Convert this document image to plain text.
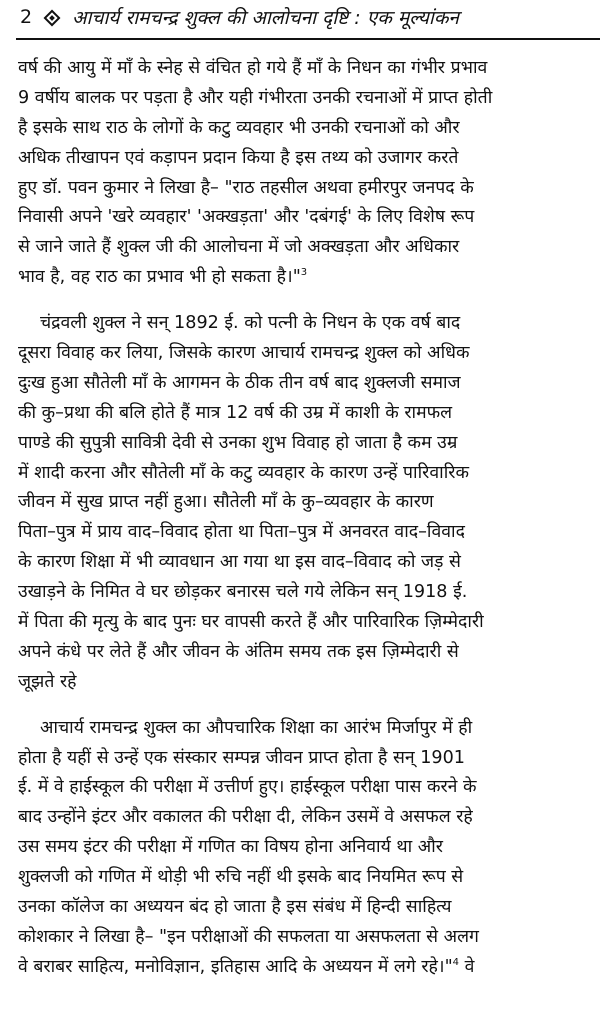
2 आचार्य रामचन्द्र शुक्ल की आलोचना दृष्टि : एक मूल्यांकन
वर्ष की आयु में माँ के स्नेह से वंचित हो गये हैं माँ के निधन का गंभीर प्रभाव
9 वर्षीय बालक पर पड़ता है और यही गंभीरता उनकी रचनाओं में प्राप्त होती
है इसके साथ राठ के लोगों के कटु व्यवहार भी उनकी रचनाओं को और
अधिक तीखापन एवं कड़ापन प्रदान किया है इस तथ्य को उजागर करते
हुए डॉ. पवन कुमार ने लिखा है– "राठ तहसील अथवा हमीरपुर जनपद के
निवासी अपने 'खरे व्यवहार' 'अक्खड़ता' और 'दबंगई' के लिए विशेष रूप
से जाने जाते हैं शुक्ल जी की आलोचना में जो अक्खड़ता और अधिकार
भाव है, वह राठ का प्रभाव भी हो सकता है।"$^3$
चंद्रवली शुक्ल ने सन् 1892 ई. को पत्नी के निधन के एक वर्ष बाद
दूसरा विवाह कर लिया, जिसके कारण आचार्य रामचन्द्र शुक्ल को अधिक
दुःख हुआ सौतेली माँ के आगमन के ठीक तीन वर्ष बाद शुक्लजी समाज
की कु–प्रथा की बलि होते हैं मात्र 12 वर्ष की उम्र में काशी के रामफल
पाण्डे की सुपुत्री सावित्री देवी से उनका शुभ विवाह हो जाता है कम उम्र
में शादी करना और सौतेली माँ के कटु व्यवहार के कारण उन्हें पारिवारिक
जीवन में सुख प्राप्त नहीं हुआ। सौतेली माँ के कु–व्यवहार के कारण
पिता–पुत्र में प्राय वाद–विवाद होता था पिता–पुत्र में अनवरत वाद–विवाद
के कारण शिक्षा में भी व्यावधान आ गया था इस वाद–विवाद को जड़ से
उखाड़ने के निमित वे घर छोड़कर बनारस चले गये लेकिन सन् 1918 ई.
में पिता की मृत्यु के बाद पुनः घर वापसी करते हैं और पारिवारिक ज़िम्मेदारी
अपने कंधे पर लेते हैं और जीवन के अंतिम समय तक इस ज़िम्मेदारी से
जूझते रहे
आचार्य रामचन्द्र शुक्ल का औपचारिक शिक्षा का आरंभ मिर्जापुर में ही
होता है यहीं से उन्हें एक संस्कार सम्पन्न जीवन प्राप्त होता है सन् 1901
ई. में वे हाईस्कूल की परीक्षा में उत्तीर्ण हुए। हाईस्कूल परीक्षा पास करने के
बाद उन्होंने इंटर और वकालत की परीक्षा दी, लेकिन उसमें वे असफल रहे
उस समय इंटर की परीक्षा में गणित का विषय होना अनिवार्य था और
शुक्लजी को गणित में थोड़ी भी रुचि नहीं थी इसके बाद नियमित रूप से
उनका कॉलेज का अध्ययन बंद हो जाता है इस संबंध में हिन्दी साहित्य
कोशकार ने लिखा है– "इन परीक्षाओं की सफलता या असफलता से अलग
वे बराबर साहित्य, मनोविज्ञान, इतिहास आदि के अध्ययन में लगे रहे।"$^4$ वे
